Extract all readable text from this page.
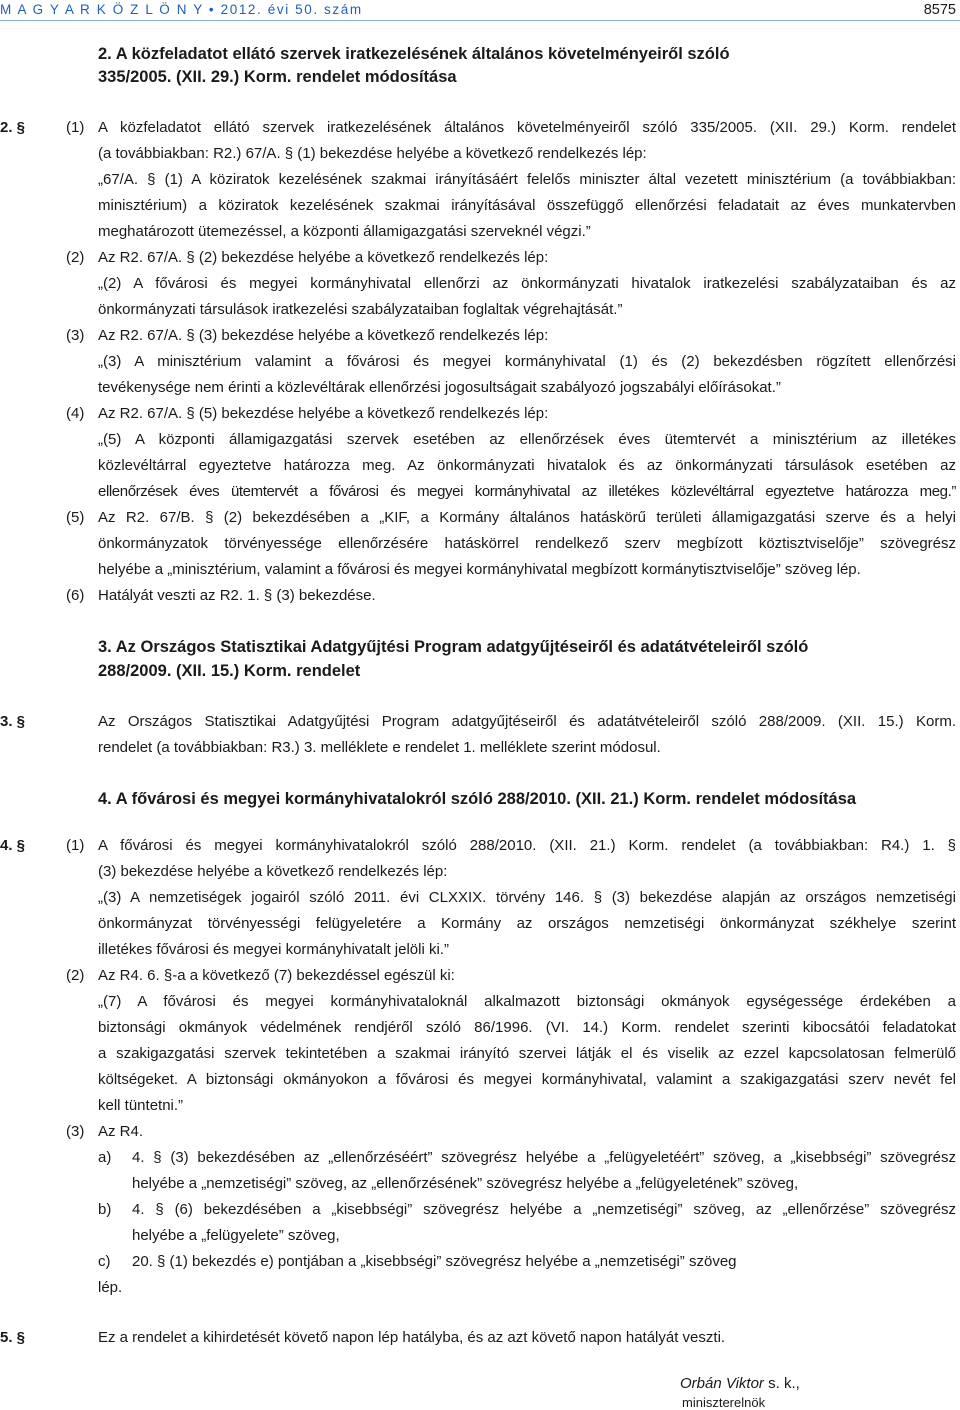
M A G Y A R K Ö Z L Ö N Y • 2012. évi 50. szám	8575
2. A közfeladatot ellátó szervek iratkezelésének általános követelményeiről szóló
335/2005. (XII. 29.) Korm. rendelet módosítása
2. §	(1) A közfeladatot ellátó szervek iratkezelésének általános követelményeiről szóló 335/2005. (XII. 29.) Korm. rendelet
(a továbbiakban: R2.) 67/A. § (1) bekezdése helyébe a következő rendelkezés lép:
„67/A. § (1) A köziratok kezelésének szakmai irányításáért felelős miniszter által vezetett minisztérium (a továbbiakban:
minisztérium) a köziratok kezelésének szakmai irányításával összefüggő ellenőrzési feladatait az éves munkatervben
meghatározott ütemezéssel, a központi államigazgatási szerveknél végzi.”
(2) Az R2. 67/A. § (2) bekezdése helyébe a következő rendelkezés lép:
„(2) A fővárosi és megyei kormányhivatal ellenőrzi az önkormányzati hivatalok iratkezelési szabályzataiban és az
önkormányzati társulások iratkezelési szabályzataiban foglaltak végrehajtását.”
(3) Az R2. 67/A. § (3) bekezdése helyébe a következő rendelkezés lép:
„(3) A minisztérium valamint a fővárosi és megyei kormányhivatal (1) és (2) bekezdésben rögzített ellenőrzési
tevékenysége nem érinti a közlevéltárak ellenőrzési jogosultságait szabályozó jogszabályi előírásokat.”
(4) Az R2. 67/A. § (5) bekezdése helyébe a következő rendelkezés lép:
„(5) A központi államigazgatási szervek esetében az ellenőrzések éves ütemtervét a minisztérium az illetékes
közlevéltárral egyeztetve határozza meg. Az önkormányzati hivatalok és az önkormányzati társulások esetében az
ellenőrzések éves ütemtervét a fővárosi és megyei kormányhivatal az illetékes közlevéltárral egyeztetve határozza meg.”
(5) Az R2. 67/B. § (2) bekezdésében a „KIF, a Kormány általános hatáskörű területi államigazgatási szerve és a helyi
önkormányzatok törvényessége ellenőrzésére hatáskörrel rendelkező szerv megbízott köztisztviselője” szövegrész
helyébe a „minisztérium, valamint a fővárosi és megyei kormányhivatal megbízott kormánytisztviselője” szöveg lép.
(6) Hatályát veszti az R2. 1. § (3) bekezdése.
3. Az Országos Statisztikai Adatgyűjtési Program adatgyűjtéseiről és adatátvételeiről szóló
288/2009. (XII. 15.) Korm. rendelet
3. §	Az Országos Statisztikai Adatgyűjtési Program adatgyűjtéseiről és adatátvételeiről szóló 288/2009. (XII. 15.) Korm.
rendelet (a továbbiakban: R3.) 3. melléklete e rendelet 1. melléklete szerint módosul.
4. A fővárosi és megyei kormányhivatalokról szóló 288/2010. (XII. 21.) Korm. rendelet módosítása
4. §	(1) A fővárosi és megyei kormányhivatalokról szóló 288/2010. (XII. 21.) Korm. rendelet (a továbbiakban: R4.) 1. §
(3) bekezdése helyébe a következő rendelkezés lép:
„(3) A nemzetiségek jogairól szóló 2011. évi CLXXIX. törvény 146. § (3) bekezdése alapján az országos nemzetiségi
önkormányzat törvényességi felügyeletére a Kormány az országos nemzetiségi önkormányzat székhelye szerint
illetékes fővárosi és megyei kormányhivatalt jelöli ki.”
(2) Az R4. 6. §-a a következő (7) bekezdéssel egészül ki:
„(7) A fővárosi és megyei kormányhivataloknál alkalmazott biztonsági okmányok egységessége érdekében a
biztonsági okmányok védelmének rendjéről szóló 86/1996. (VI. 14.) Korm. rendelet szerinti kibocsátói feladatokat
a szakigazgatási szervek tekintetében a szakmai irányító szervei látják el és viselik az ezzel kapcsolatosan felmerülő
költségeket. A biztonsági okmányokon a fővárosi és megyei kormányhivatal, valamint a szakigazgatási szerv nevét fel
kell tüntetni.”
(3) Az R4.
a) 4. § (3) bekezdésében az „ellenőrzéséért” szövegrész helyébe a „felügyeletéért” szöveg, a „kisebbségi” szövegrész
helyébe a „nemzetiségi” szöveg, az „ellenőrzésének” szövegrész helyébe a „felügyeletének” szöveg,
b) 4. § (6) bekezdésében a „kisebbségi” szövegrész helyébe a „nemzetiségi” szöveg, az „ellenőrzése” szövegrész
helyébe a „felügyelete” szöveg,
c) 20. § (1) bekezdés e) pontjában a „kisebbségi” szövegrész helyébe a „nemzetiségi” szöveg
lép.
5. §	Ez a rendelet a kihirdetését követő napon lép hatályba, és az azt követő napon hatályát veszti.
Orbán Viktor s. k.,
miniszterelnök
